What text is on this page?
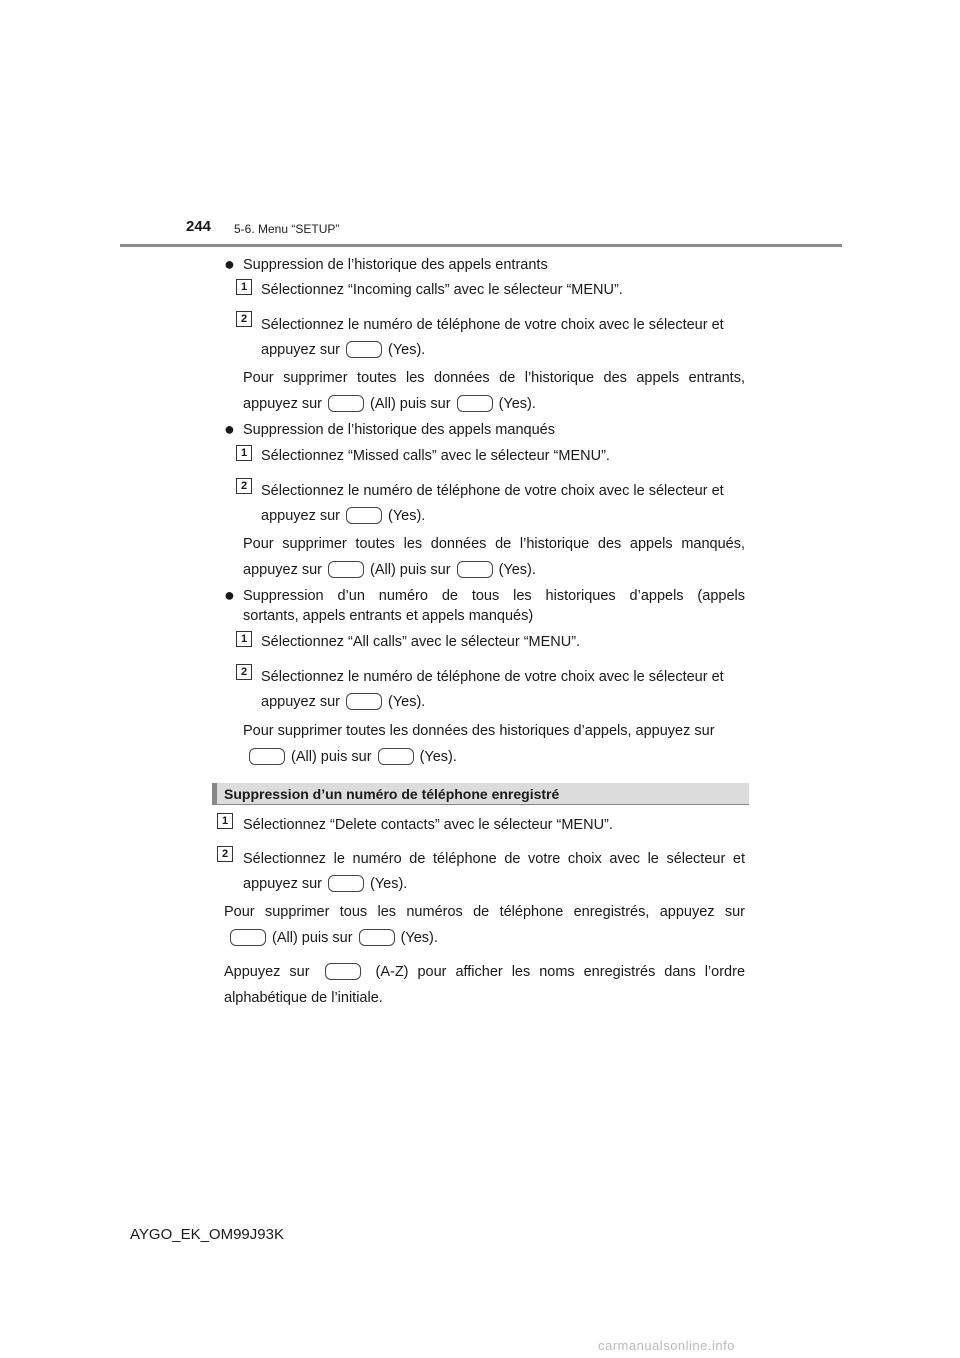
244 5-6. Menu “SETUP”
● Suppression de l’historique des appels entrants
1 Sélectionnez “Incoming calls” avec le sélecteur “MENU”.
2 Sélectionnez le numéro de téléphone de votre choix avec le sélecteur et
appuyez sur	(Yes).
Pour supprimer toutes les données de l’historique des appels entrants,
appuyez sur	(All) puis sur	(Yes).
● Suppression de l’historique des appels manqués
1 Sélectionnez “Missed calls” avec le sélecteur “MENU”.
2 Sélectionnez le numéro de téléphone de votre choix avec le sélecteur et
appuyez sur	(Yes).
Pour supprimer toutes les données de l’historique des appels manqués,
appuyez sur	(All) puis sur	(Yes).
● Suppression d’un numéro de tous les historiques d’appels (appels
sortants, appels entrants et appels manqués)
1 Sélectionnez “All calls” avec le sélecteur “MENU”.
2 Sélectionnez le numéro de téléphone de votre choix avec le sélecteur et
appuyez sur	(Yes).
Pour supprimer toutes les données des historiques d’appels, appuyez sur
(All) puis sur	(Yes).
Suppression d’un numéro de téléphone enregistré
1	Sélectionnez “Delete contacts” avec le sélecteur “MENU”.
2	Sélectionnez le numéro de téléphone de votre choix avec le sélecteur et
appuyez sur	(Yes).
Pour supprimer tous les numéros de téléphone enregistrés, appuyez sur
(All) puis sur	(Yes).
Appuyez sur	(A-Z) pour afficher les noms enregistrés dans l’ordre
alphabétique de l’initiale.
AYGO_EK_OM99J93K
carmanualsonline.info
